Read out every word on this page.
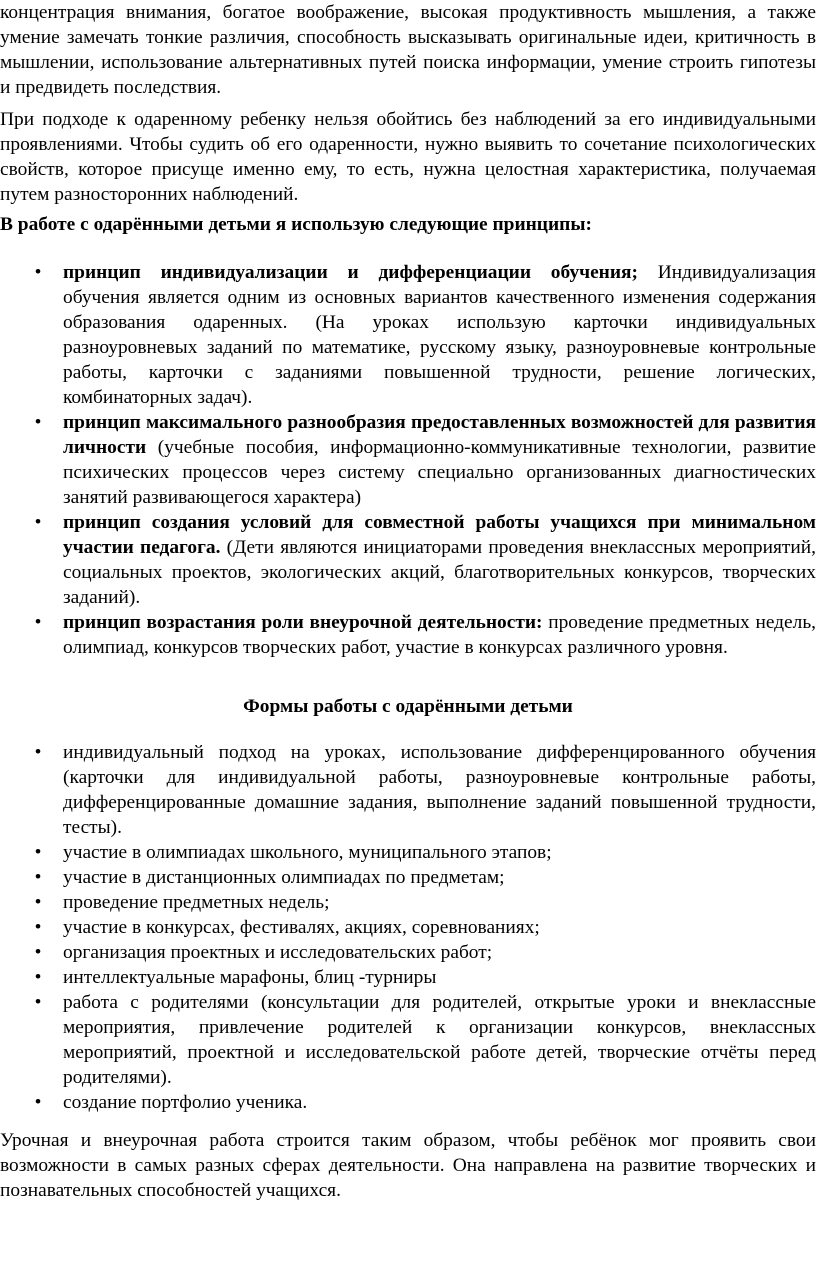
концентрация внимания, богатое воображение, высокая продуктивность мышления, а также умение замечать тонкие различия, способность высказывать оригинальные идеи, критичность в мышлении, использование альтернативных путей поиска информации, умение строить гипотезы и предвидеть последствия.

При подходе к одаренному ребенку нельзя обойтись без наблюдений за его индивидуальными проявлениями. Чтобы судить об его одаренности, нужно выявить то сочетание психологических свойств, которое присуще именно ему, то есть, нужна целостная характеристика, получаемая путем разносторонних наблюдений.

В работе с одарёнными детьми я использую следующие принципы:

• принцип индивидуализации и дифференциации обучения; Индивидуализация обучения является одним из основных вариантов качественного изменения содержания образования одаренных. (На уроках использую карточки индивидуальных разноуровневых заданий по математике, русскому языку, разноуровневые контрольные работы, карточки с заданиями повышенной трудности, решение логических, комбинаторных задач).
• принцип максимального разнообразия предоставленных возможностей для развития личности (учебные пособия, информационно-коммуникативные технологии, развитие психических процессов через систему специально организованных диагностических занятий развивающегося характера)
• принцип создания условий для совместной работы учащихся при минимальном участии педагога. (Дети являются инициаторами проведения внеклассных мероприятий, социальных проектов, экологических акций, благотворительных конкурсов, творческих заданий).
• принцип возрастания роли внеурочной деятельности: проведение предметных недель, олимпиад, конкурсов творческих работ, участие в конкурсах различного уровня.

Формы работы с одарёнными детьми

• индивидуальный подход на уроках, использование дифференцированного обучения (карточки для индивидуальной работы, разноуровневые контрольные работы, дифференцированные домашние задания, выполнение заданий повышенной трудности, тесты).
• участие в олимпиадах школьного, муниципального этапов;
• участие в дистанционных олимпиадах по предметам;
• проведение предметных недель;
• участие в конкурсах, фестивалях, акциях, соревнованиях;
• организация проектных и исследовательских работ;
• интеллектуальные марафоны, блиц -турниры
• работа с родителями (консультации для родителей, открытые уроки и внеклассные мероприятия, привлечение родителей к организации конкурсов, внеклассных мероприятий, проектной и исследовательской работе детей, творческие отчёты перед родителями).
• создание портфолио ученика.

Урочная и внеурочная работа строится таким образом, чтобы ребёнок мог проявить свои возможности в самых разных сферах деятельности. Она направлена на развитие творческих и познавательных способностей учащихся.
